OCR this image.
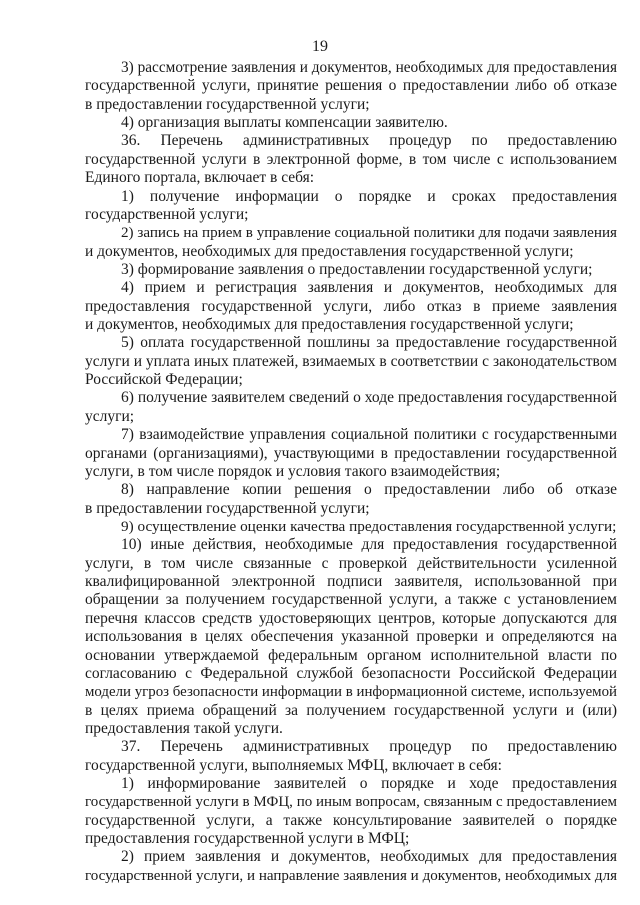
19
3) рассмотрение заявления и документов, необходимых для предоставления
государственной услуги, принятие решения о предоставлении либо об отказе
в предоставлении государственной услуги;
4) организация выплаты компенсации заявителю.
36. Перечень административных процедур по предоставлению
государственной услуги в электронной форме, в том числе с использованием
Единого портала, включает в себя:
1) получение информации о порядке и сроках предоставления
государственной услуги;
2) запись на прием в управление социальной политики для подачи заявления
и документов, необходимых для предоставления государственной услуги;
3) формирование заявления о предоставлении государственной услуги;
4) прием и регистрация заявления и документов, необходимых для
предоставления государственной услуги, либо отказ в приеме заявления
и документов, необходимых для предоставления государственной услуги;
5) оплата государственной пошлины за предоставление государственной
услуги и уплата иных платежей, взимаемых в соответствии с законодательством
Российской Федерации;
6) получение заявителем сведений о ходе предоставления государственной
услуги;
7) взаимодействие управления социальной политики с государственными
органами (организациями), участвующими в предоставлении государственной
услуги, в том числе порядок и условия такого взаимодействия;
8) направление копии решения о предоставлении либо об отказе
в предоставлении государственной услуги;
9) осуществление оценки качества предоставления государственной услуги;
10) иные действия, необходимые для предоставления государственной
услуги, в том числе связанные с проверкой действительности усиленной
квалифицированной электронной подписи заявителя, использованной при
обращении за получением государственной услуги, а также с установлением
перечня классов средств удостоверяющих центров, которые допускаются для
использования в целях обеспечения указанной проверки и определяются на
основании утверждаемой федеральным органом исполнительной власти по
согласованию с Федеральной службой безопасности Российской Федерации
модели угроз безопасности информации в информационной системе, используемой
в целях приема обращений за получением государственной услуги и (или)
предоставления такой услуги.
37. Перечень административных процедур по предоставлению
государственной услуги, выполняемых МФЦ, включает в себя:
1) информирование заявителей о порядке и ходе предоставления
государственной услуги в МФЦ, по иным вопросам, связанным с предоставлением
государственной услуги, а также консультирование заявителей о порядке
предоставления государственной услуги в МФЦ;
2) прием заявления и документов, необходимых для предоставления
государственной услуги, и направление заявления и документов, необходимых для
